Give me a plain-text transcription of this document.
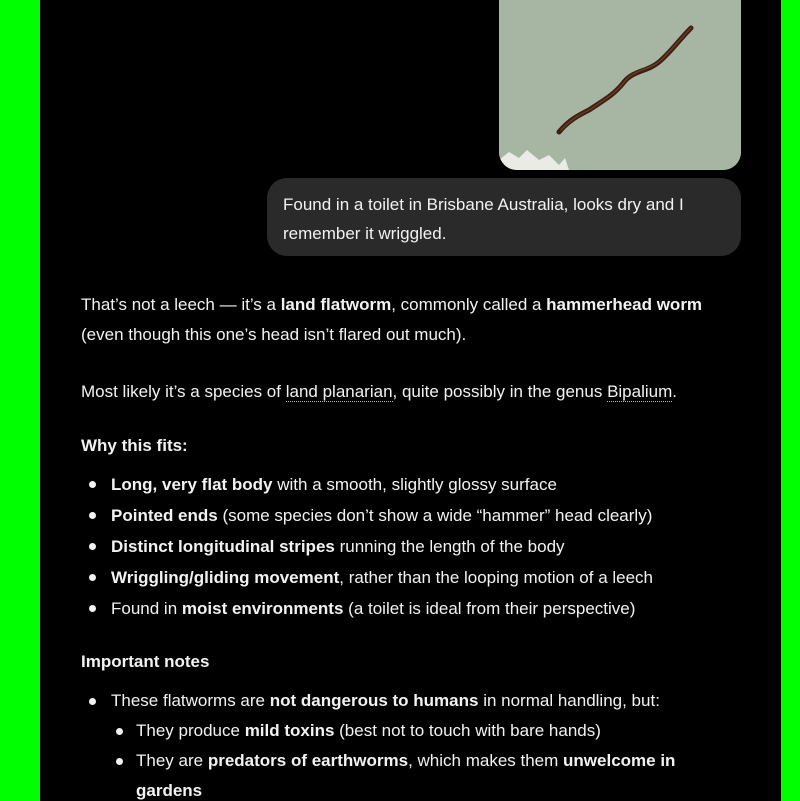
Found in a toilet in Brisbane Australia, looks dry and I remember it wriggled.
That’s not a leech — it’s a land flatworm, commonly called a hammerhead worm (even though this one’s head isn’t flared out much).
Most likely it’s a species of land planarian, quite possibly in the genus Bipalium.
Why this fits:
Long, very flat body with a smooth, slightly glossy surface
Pointed ends (some species don’t show a wide “hammer” head clearly)
Distinct longitudinal stripes running the length of the body
Wriggling/gliding movement, rather than the looping motion of a leech
Found in moist environments (a toilet is ideal from their perspective)
Important notes
These flatworms are not dangerous to humans in normal handling, but:
They produce mild toxins (best not to touch with bare hands)
They are predators of earthworms, which makes them unwelcome in gardens
